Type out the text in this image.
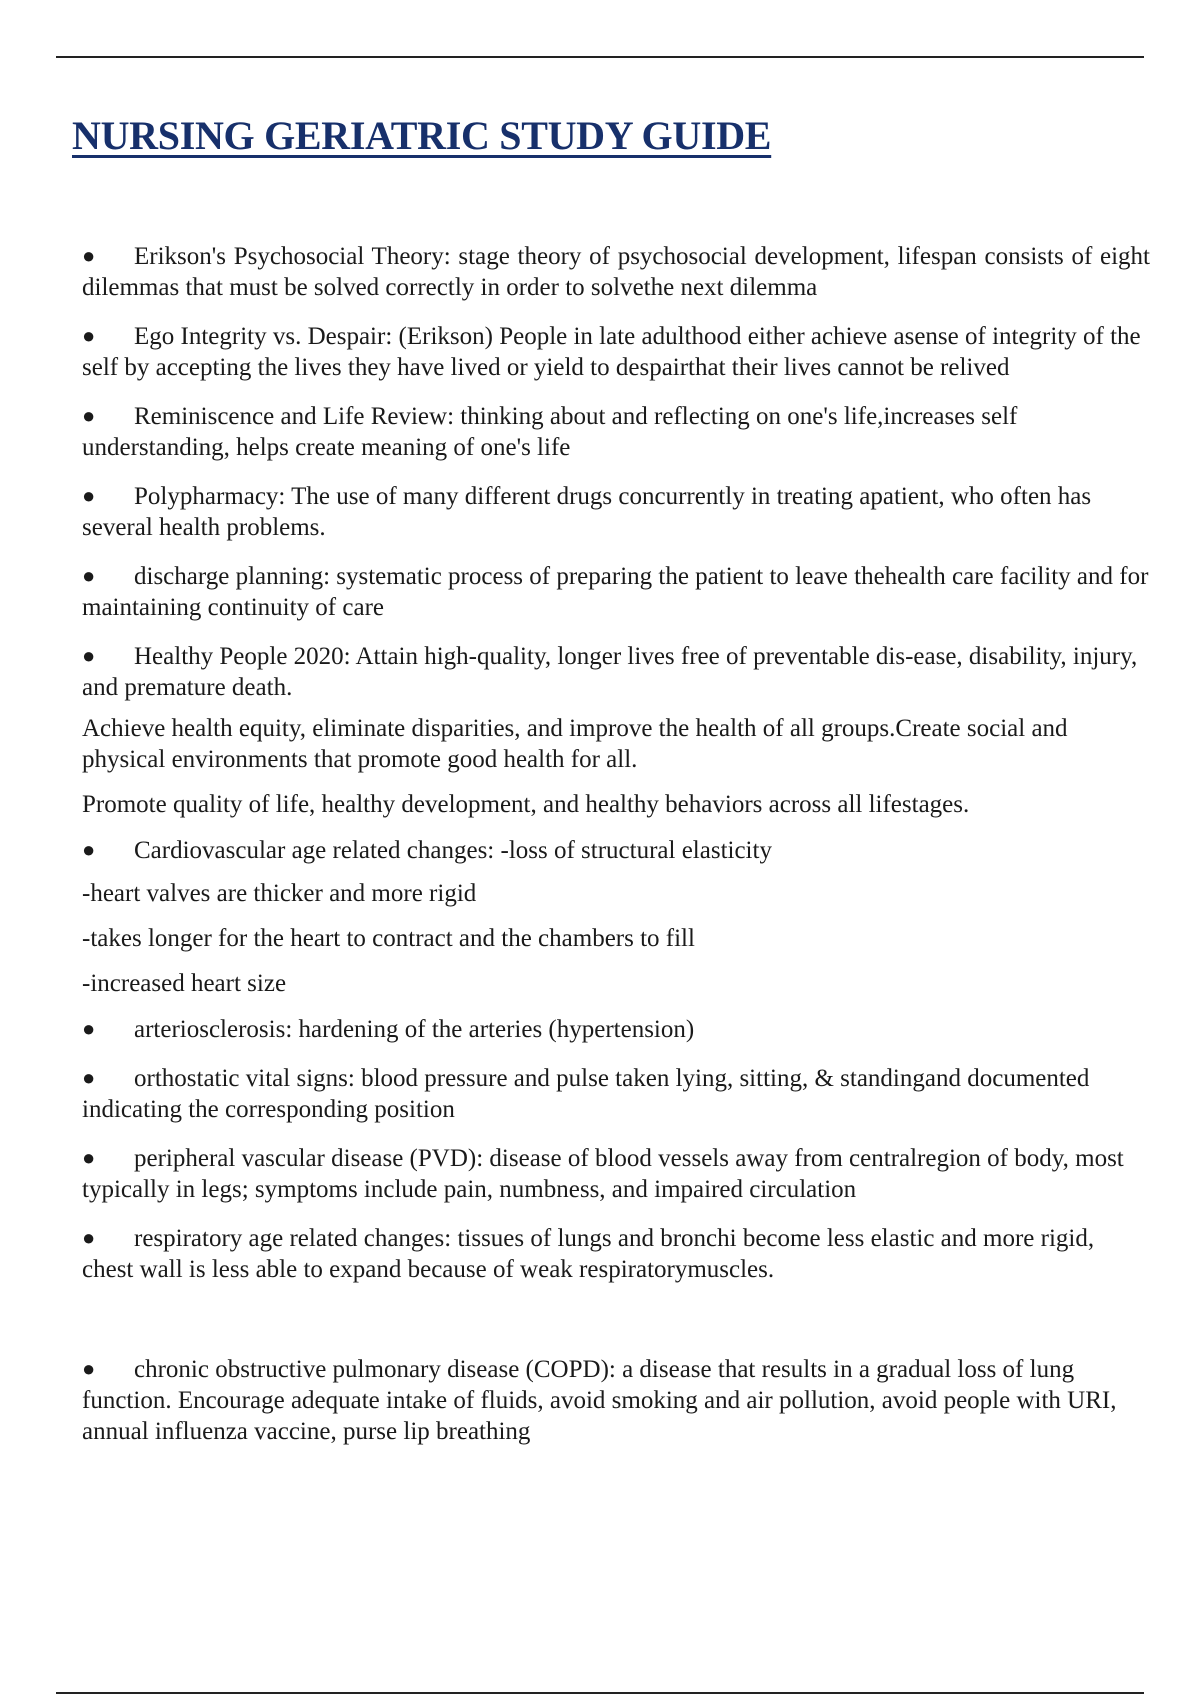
NURSING GERIATRIC STUDY GUIDE

● Erikson's Psychosocial Theory: stage theory of psychosocial development, lifespan consists of eight dilemmas that must be solved correctly in order to solvethe next dilemma

● Ego Integrity vs. Despair: (Erikson) People in late adulthood either achieve asense of integrity of the self by accepting the lives they have lived or yield to despairthat their lives cannot be relived

● Reminiscence and Life Review: thinking about and reflecting on one's life,increases self understanding, helps create meaning of one's life

● Polypharmacy: The use of many different drugs concurrently in treating apatient, who often has several health problems.

● discharge planning: systematic process of preparing the patient to leave thehealth care facility and for maintaining continuity of care

● Healthy People 2020: Attain high-quality, longer lives free of preventable dis-ease, disability, injury, and premature death.

Achieve health equity, eliminate disparities, and improve the health of all groups.Create social and physical environments that promote good health for all.

Promote quality of life, healthy development, and healthy behaviors across all lifestages.

● Cardiovascular age related changes: -loss of structural elasticity

-heart valves are thicker and more rigid

-takes longer for the heart to contract and the chambers to fill

-increased heart size

● arteriosclerosis: hardening of the arteries (hypertension)

● orthostatic vital signs: blood pressure and pulse taken lying, sitting, & standingand documented indicating the corresponding position

● peripheral vascular disease (PVD): disease of blood vessels away from centralregion of body, most typically in legs; symptoms include pain, numbness, and impaired circulation

● respiratory age related changes: tissues of lungs and bronchi become less elastic and more rigid, chest wall is less able to expand because of weak respiratorymuscles.

● chronic obstructive pulmonary disease (COPD): a disease that results in a gradual loss of lung function. Encourage adequate intake of fluids, avoid smoking and air pollution, avoid people with URI, annual influenza vaccine, purse lip breathing
